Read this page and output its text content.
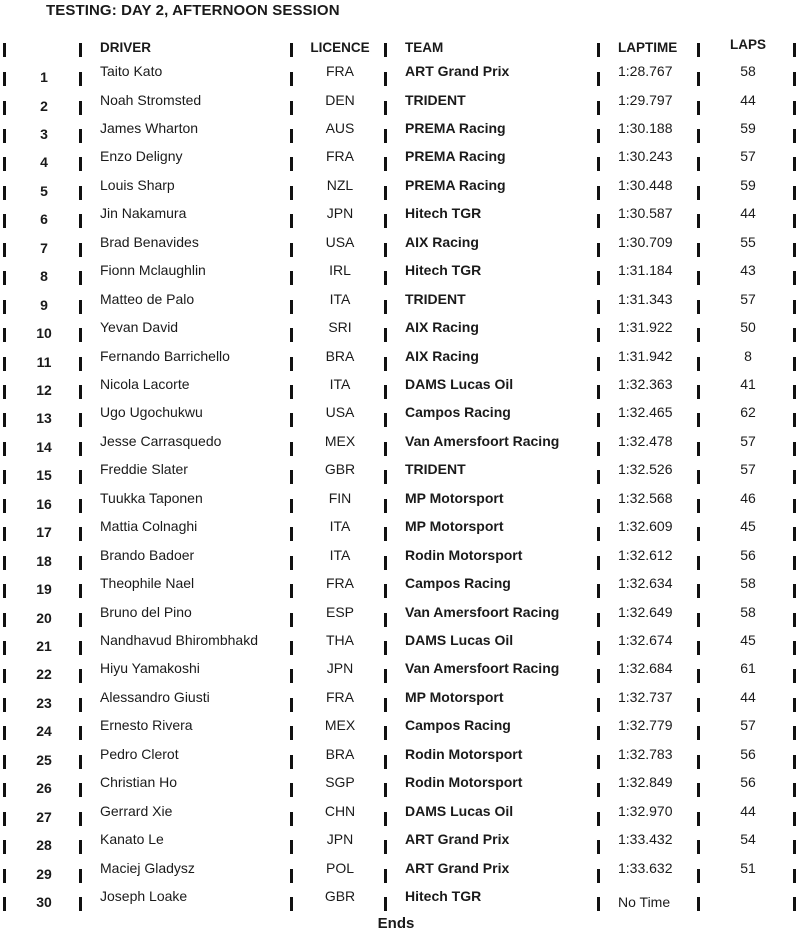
TESTING: DAY 2, AFTERNOON SESSION
DRIVER	LICENCE	TEAM	LAPTIME	LAPS
1	Taito Kato	FRA	ART Grand Prix	1:28.767	58
2	Noah Stromsted	DEN	TRIDENT	1:29.797	44
3	James Wharton	AUS	PREMA Racing	1:30.188	59
4	Enzo Deligny	FRA	PREMA Racing	1:30.243	57
5	Louis Sharp	NZL	PREMA Racing	1:30.448	59
6	Jin Nakamura	JPN	Hitech TGR	1:30.587	44
7	Brad Benavides	USA	AIX Racing	1:30.709	55
8	Fionn Mclaughlin	IRL	Hitech TGR	1:31.184	43
9	Matteo de Palo	ITA	TRIDENT	1:31.343	57
10	Yevan David	SRI	AIX Racing	1:31.922	50
11	Fernando Barrichello	BRA	AIX Racing	1:31.942	8
12	Nicola Lacorte	ITA	DAMS Lucas Oil	1:32.363	41
13	Ugo Ugochukwu	USA	Campos Racing	1:32.465	62
14	Jesse Carrasquedo	MEX	Van Amersfoort Racing	1:32.478	57
15	Freddie Slater	GBR	TRIDENT	1:32.526	57
16	Tuukka Taponen	FIN	MP Motorsport	1:32.568	46
17	Mattia Colnaghi	ITA	MP Motorsport	1:32.609	45
18	Brando Badoer	ITA	Rodin Motorsport	1:32.612	56
19	Theophile Nael	FRA	Campos Racing	1:32.634	58
20	Bruno del Pino	ESP	Van Amersfoort Racing	1:32.649	58
21	Nandhavud Bhirombhakd	THA	DAMS Lucas Oil	1:32.674	45
22	Hiyu Yamakoshi	JPN	Van Amersfoort Racing	1:32.684	61
23	Alessandro Giusti	FRA	MP Motorsport	1:32.737	44
24	Ernesto Rivera	MEX	Campos Racing	1:32.779	57
25	Pedro Clerot	BRA	Rodin Motorsport	1:32.783	56
26	Christian Ho	SGP	Rodin Motorsport	1:32.849	56
27	Gerrard Xie	CHN	DAMS Lucas Oil	1:32.970	44
28	Kanato Le	JPN	ART Grand Prix	1:33.432	54
29	Maciej Gladysz	POL	ART Grand Prix	1:33.632	51
30	Joseph Loake	GBR	Hitech TGR	No Time
Ends
